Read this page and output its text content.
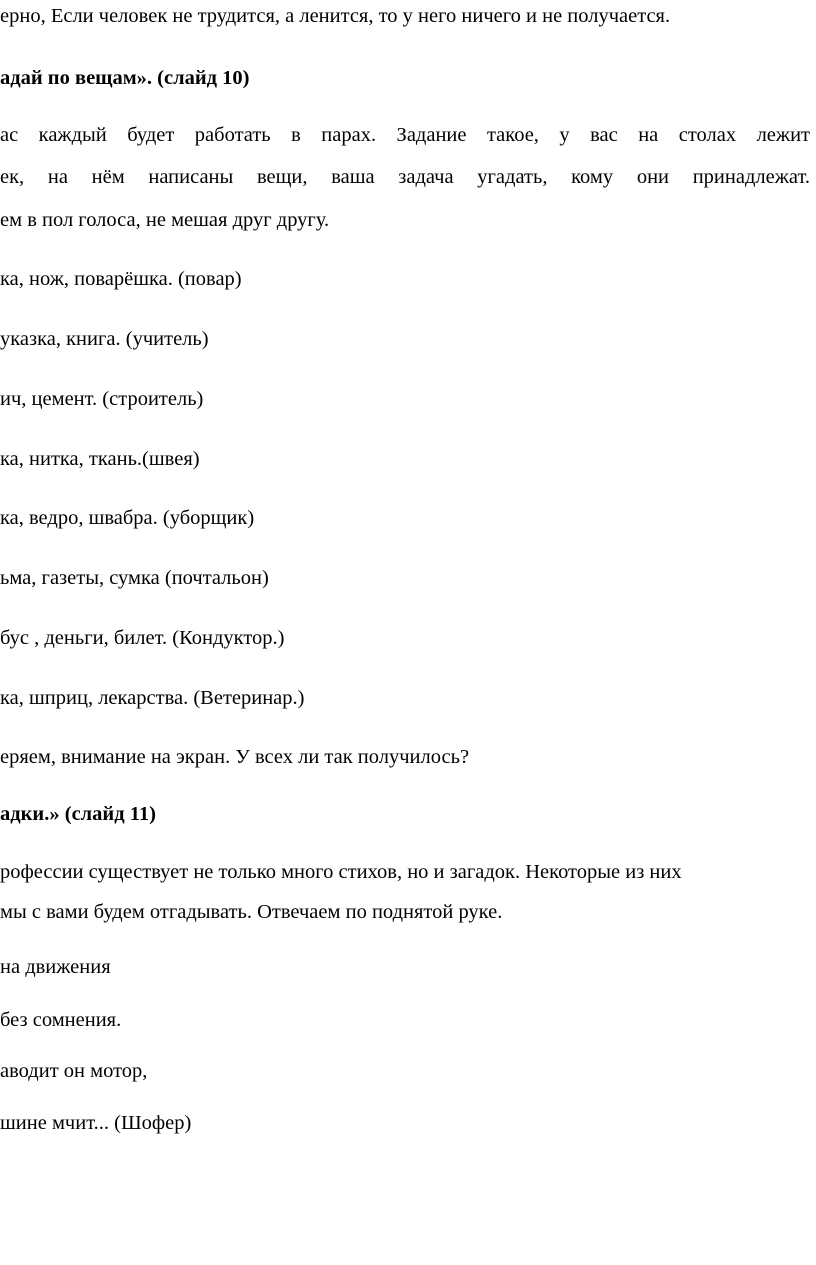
ерно, Если человек не трудится, а ленится, то у него ничего и не получается.

адай по вещам». (слайд 10)

ас каждый будет работать в парах. Задание такое, у вас на столах лежит

ек, на нём написаны вещи, ваша задача угадать, кому они принадлежат.

ем в пол голоса, не мешая друг другу.

ка, нож, поварёшка. (повар)

указка, книга. (учитель)

ич, цемент. (строитель)

ка, нитка, ткань.(швея)

ка, ведро, швабра. (уборщик)

ьма, газеты, сумка (почтальон)

бус , деньги, билет. (Кондуктор.)

ка, шприц, лекарства. (Ветеринар.)

еряем, внимание на экран. У всех ли так получилось?

адки.» (слайд 11)

рофессии существует не только много стихов, но и загадок. Некоторые из них

мы с вами будем отгадывать. Отвечаем по поднятой руке.

на движения

без сомнения.

аводит он мотор,

шине мчит... (Шофер)
